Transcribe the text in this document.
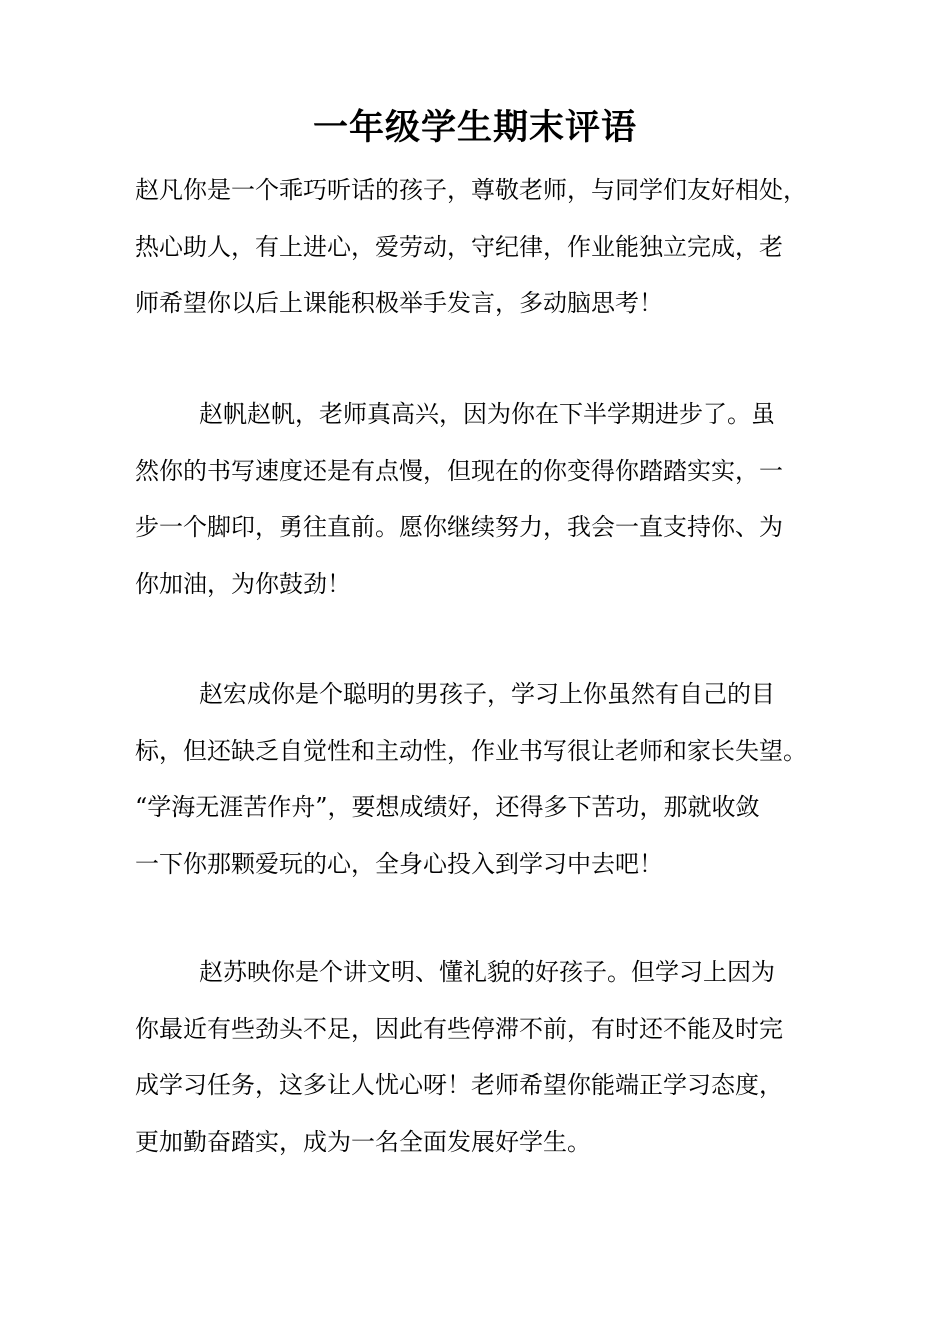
一年级学生期末评语

赵凡你是一个乖巧听话的孩子，尊敬老师，与同学们友好相处，
热心助人，有上进心，爱劳动，守纪律，作业能独立完成，老
师希望你以后上课能积极举手发言，多动脑思考！

赵帆赵帆，老师真高兴，因为你在下半学期进步了。虽
然你的书写速度还是有点慢，但现在的你变得你踏踏实实，一
步一个脚印，勇往直前。愿你继续努力，我会一直支持你、为
你加油，为你鼓劲！

赵宏成你是个聪明的男孩子，学习上你虽然有自己的目
标，但还缺乏自觉性和主动性，作业书写很让老师和家长失望。
“学海无涯苦作舟”，要想成绩好，还得多下苦功，那就收敛
一下你那颗爱玩的心，全身心投入到学习中去吧！

赵苏映你是个讲文明、懂礼貌的好孩子。但学习上因为
你最近有些劲头不足，因此有些停滞不前，有时还不能及时完
成学习任务，这多让人忧心呀！老师希望你能端正学习态度，
更加勤奋踏实，成为一名全面发展好学生。
